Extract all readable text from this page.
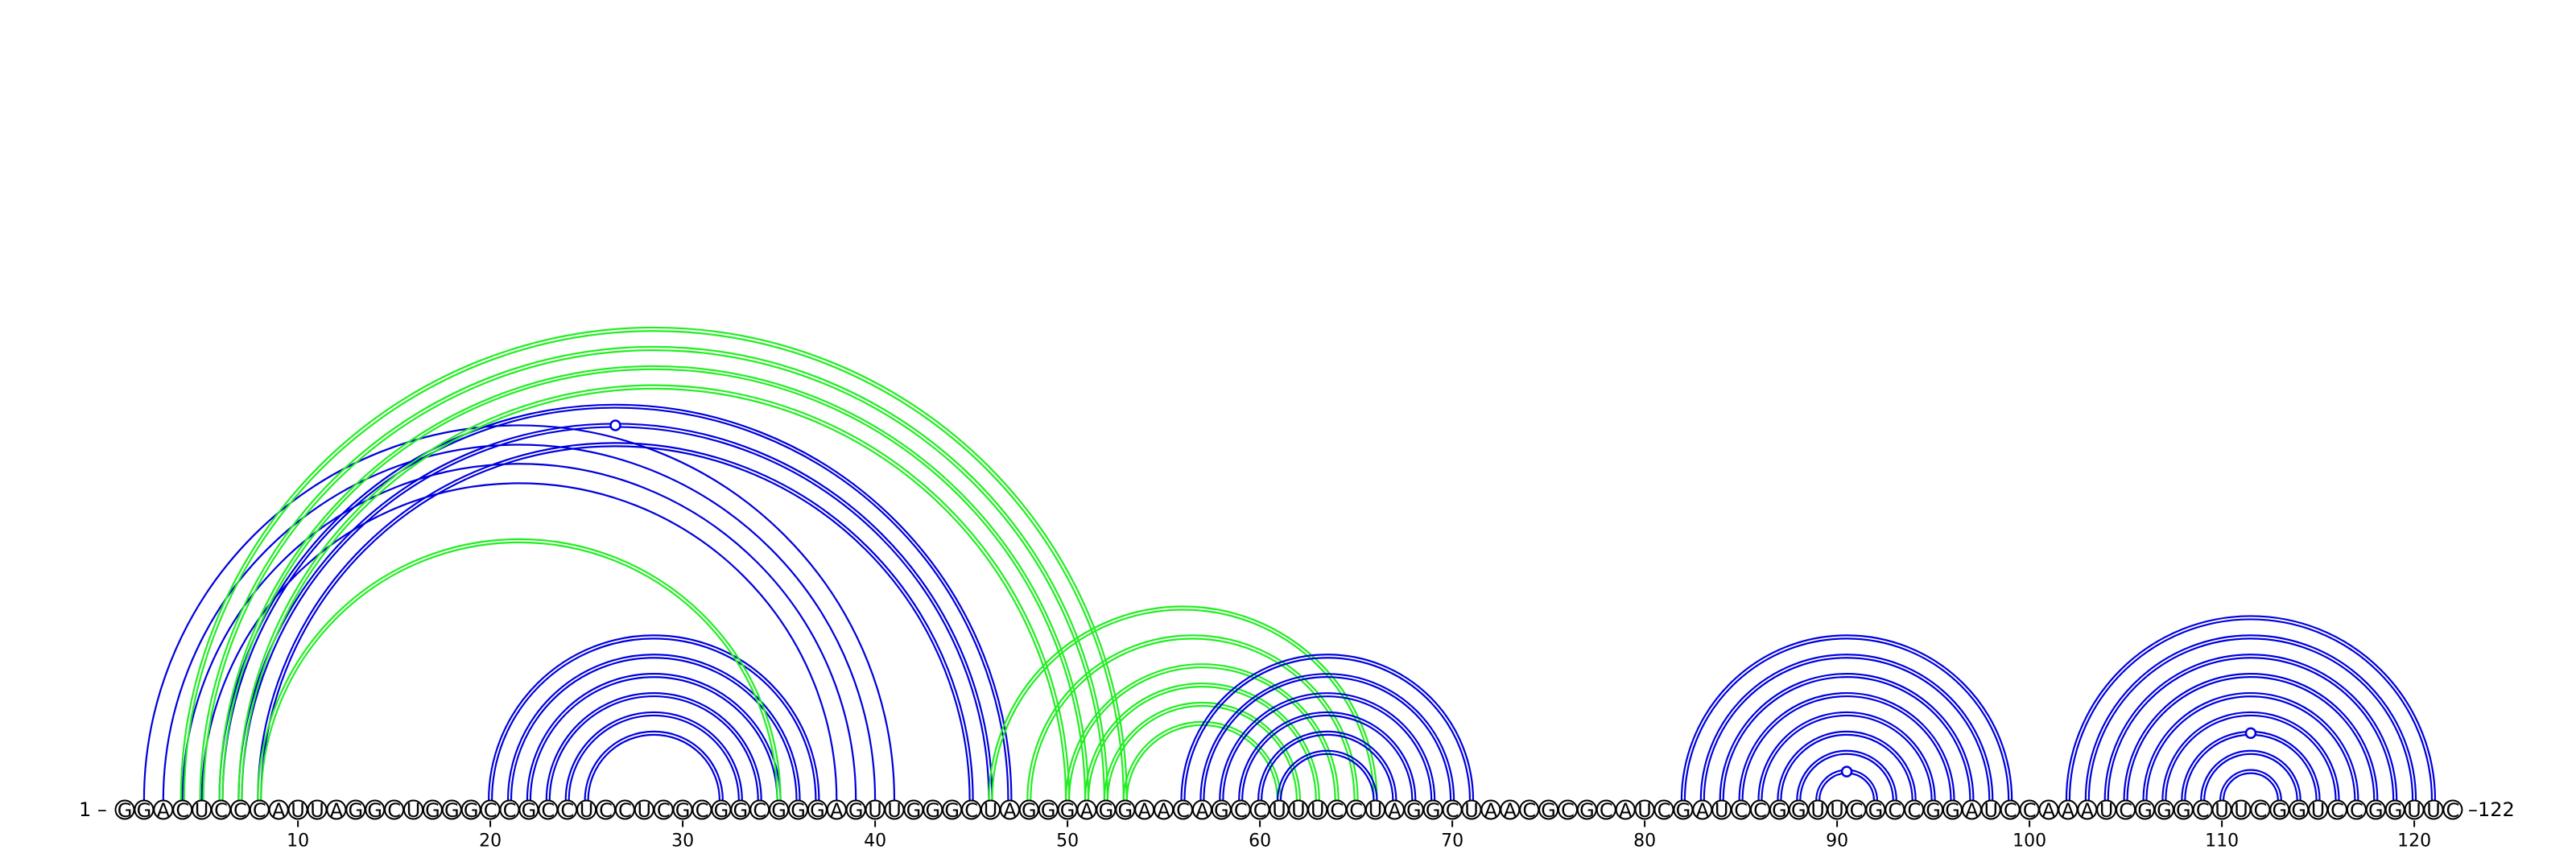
G G A C U C C C A U U A G G C U G G G C C G C C U C C U C G C G G C G G G A G U U G G G C U A G G G A G G A A C A G C C U U U C C U A G G C U A A C G C G C A U C G A U C C G G U U C G C C G G A U C C A A A U C G G G C U U C G G U C C G G U U C
10	20	30	40	50	60	70	80	90	100	110	120
1 –	–122
